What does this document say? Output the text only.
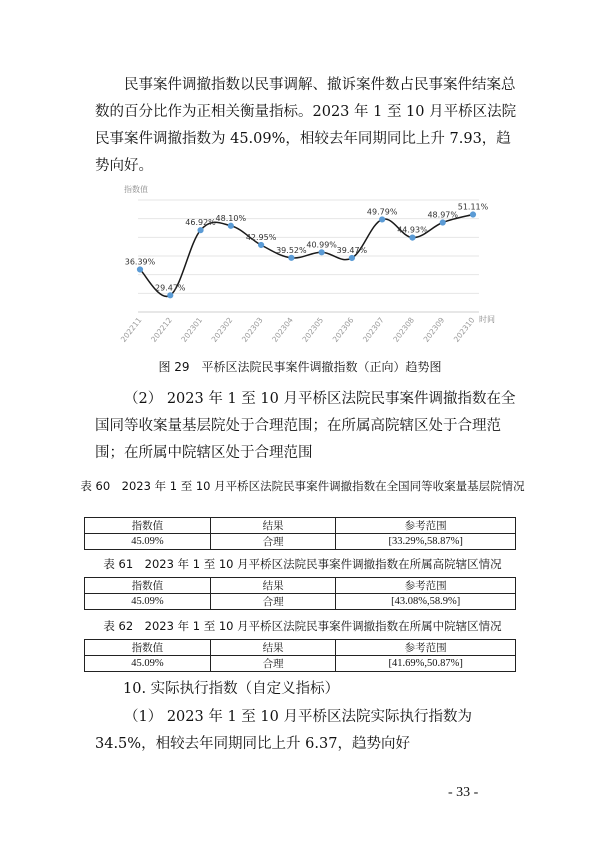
民事案件调撤指数以民事调解、撤诉案件数占民事案件结案总数的百分比作为正相关衡量指标。2023 年 1 至 10 月平桥区法院民事案件调撤指数为 45.09%，相较去年同期同比上升 7.93，趋势向好。

指数值
时间
36.39%
29.47%
46.92% 48.10%
42.95%
39.52%
40.99%
39.47%
49.79%
44.93%
48.97%
51.11%
202211 202212 202301 202302 202303 202304 202305 202306 202307 202308 202309 202310
图 29　平桥区法院民事案件调撤指数（正向）趋势图

（2） 2023 年 1 至 10 月平桥区法院民事案件调撤指数在全国同等收案量基层院处于合理范围；在所属高院辖区处于合理范围；在所属中院辖区处于合理范围

表 60　2023 年 1 至 10 月平桥区法院民事案件调撤指数在全国同等收案量基层院情况
指数值	结果	参考范围
45.09%	合理	[33.29%,58.87%]
表 61　2023 年 1 至 10 月平桥区法院民事案件调撤指数在所属高院辖区情况
指数值	结果	参考范围
45.09%	合理	[43.08%,58.9%]
表 62　2023 年 1 至 10 月平桥区法院民事案件调撤指数在所属中院辖区情况
指数值	结果	参考范围
45.09%	合理	[41.69%,50.87%]

10. 实际执行指数（自定义指标）

（1） 2023 年 1 至 10 月平桥区法院实际执行指数为 34.5%，相较去年同期同比上升 6.37，趋势向好

- 33 -
